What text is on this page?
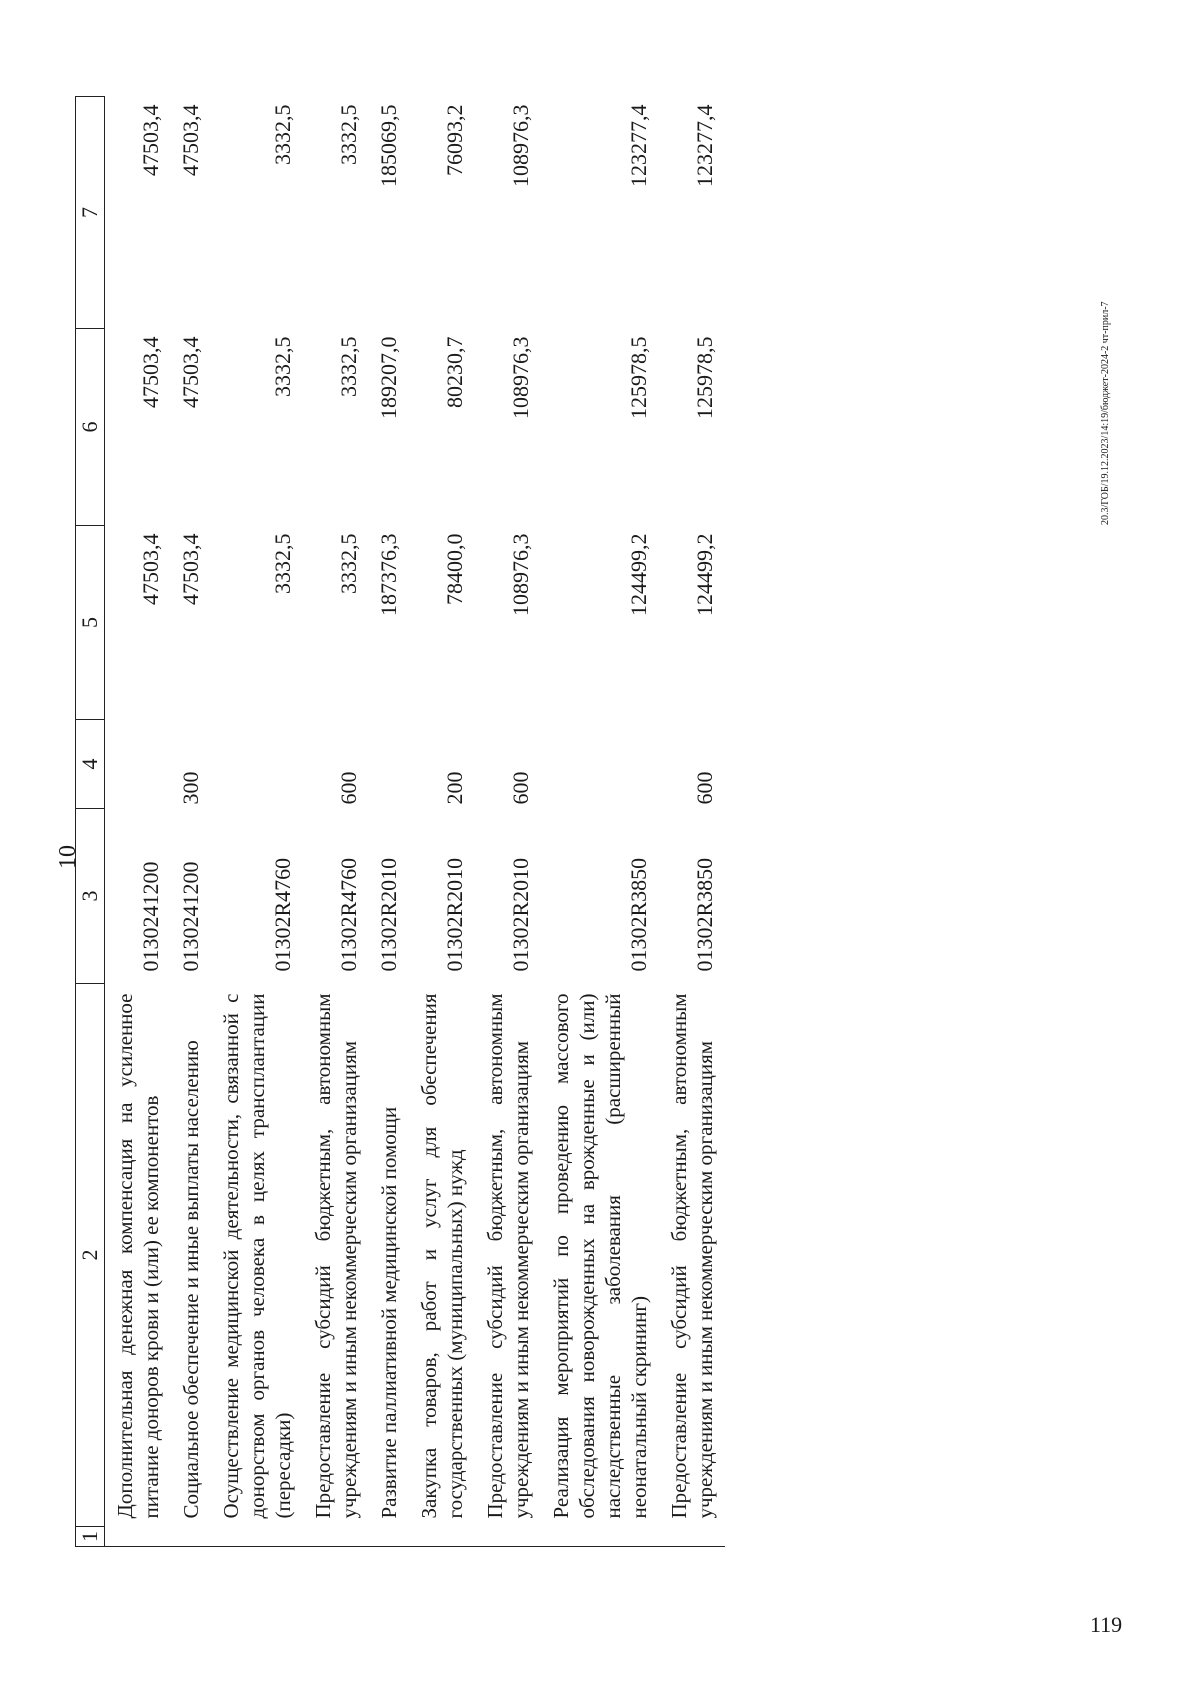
10
1	2	3	4	5	6	7
	Дополнительная денежная компенсация на усиленное питание доноров крови и (или) ее компонентов	0130241200		47503,4	47503,4	47503,4
	Социальное обеспечение и иные выплаты населению	0130241200	300	47503,4	47503,4	47503,4
	Осуществление медицинской деятельности, связанной с донорством органов человека в целях трансплантации (пересадки)	01302R4760		3332,5	3332,5	3332,5
	Предоставление субсидий бюджетным, автономным учреждениям и иным некоммерческим организациям	01302R4760	600	3332,5	3332,5	3332,5
	Развитие паллиативной медицинской помощи	01302R2010		187376,3	189207,0	185069,5
	Закупка товаров, работ и услуг для обеспечения государственных (муниципальных) нужд	01302R2010	200	78400,0	80230,7	76093,2
	Предоставление субсидий бюджетным, автономным учреждениям и иным некоммерческим организациям	01302R2010	600	108976,3	108976,3	108976,3
	Реализация мероприятий по проведению массового обследования новорожденных на врожденные и (или) наследственные заболевания (расширенный неонатальный скрининг)	01302R3850		124499,2	125978,5	123277,4
	Предоставление субсидий бюджетным, автономным учреждениям и иным некоммерческим организациям	01302R3850	600	124499,2	125978,5	123277,4
20.3/ГОБ/19.12.2023/14:19/бюджет-2024-2 чт-прил-7
119
